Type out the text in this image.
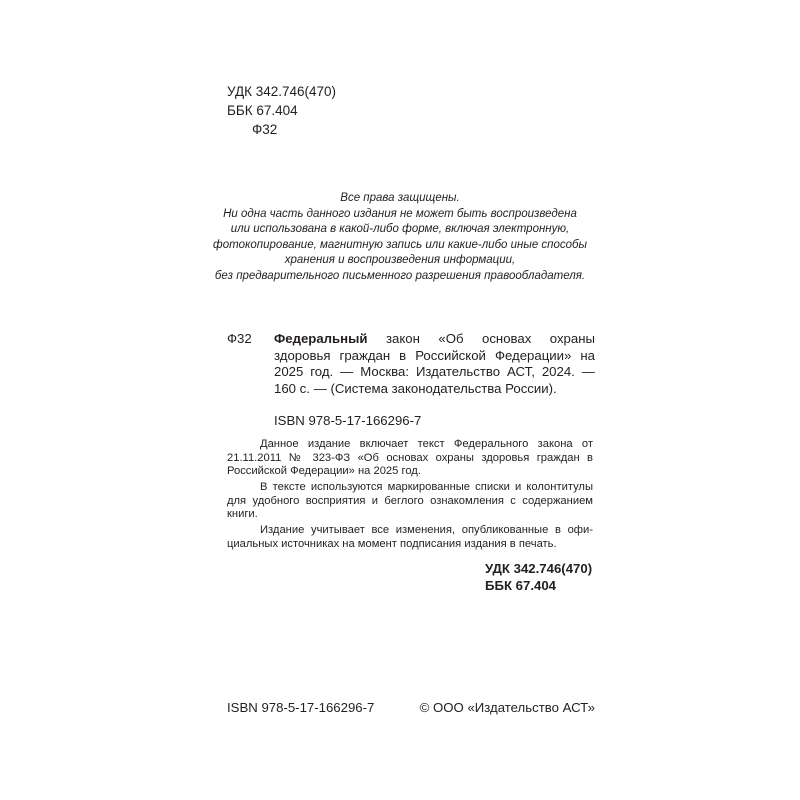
УДК 342.746(470)
ББК 67.404
Ф32
Все права защищены.
Ни одна часть данного издания не может быть воспроизведена
или использована в какой-либо форме, включая электронную,
фотокопирование, магнитную запись или какие-либо иные способы
хранения и воспроизведения информации,
без предварительного письменного разрешения правообладателя.
Ф32 Федеральный закон «Об основах охраны здоровья граждан в Российской Федерации» на 2025 год. — Москва: Издательство АСТ, 2024. — 160 с. — (Система законодательства России).
ISBN 978-5-17-166296-7

Данное издание включает текст Федерального закона от 21.11.2011 № 323-ФЗ «Об основах охраны здоровья граждан в Российской Федерации» на 2025 год.

В тексте используются маркированные списки и колонтитулы для удобного восприятия и беглого ознакомления с содержанием книги.

Издание учитывает все изменения, опубликованные в официальных источниках на момент подписания издания в печать.

УДК 342.746(470)
ББК 67.404
ISBN 978-5-17-166296-7	© ООО «Издательство АСТ»
